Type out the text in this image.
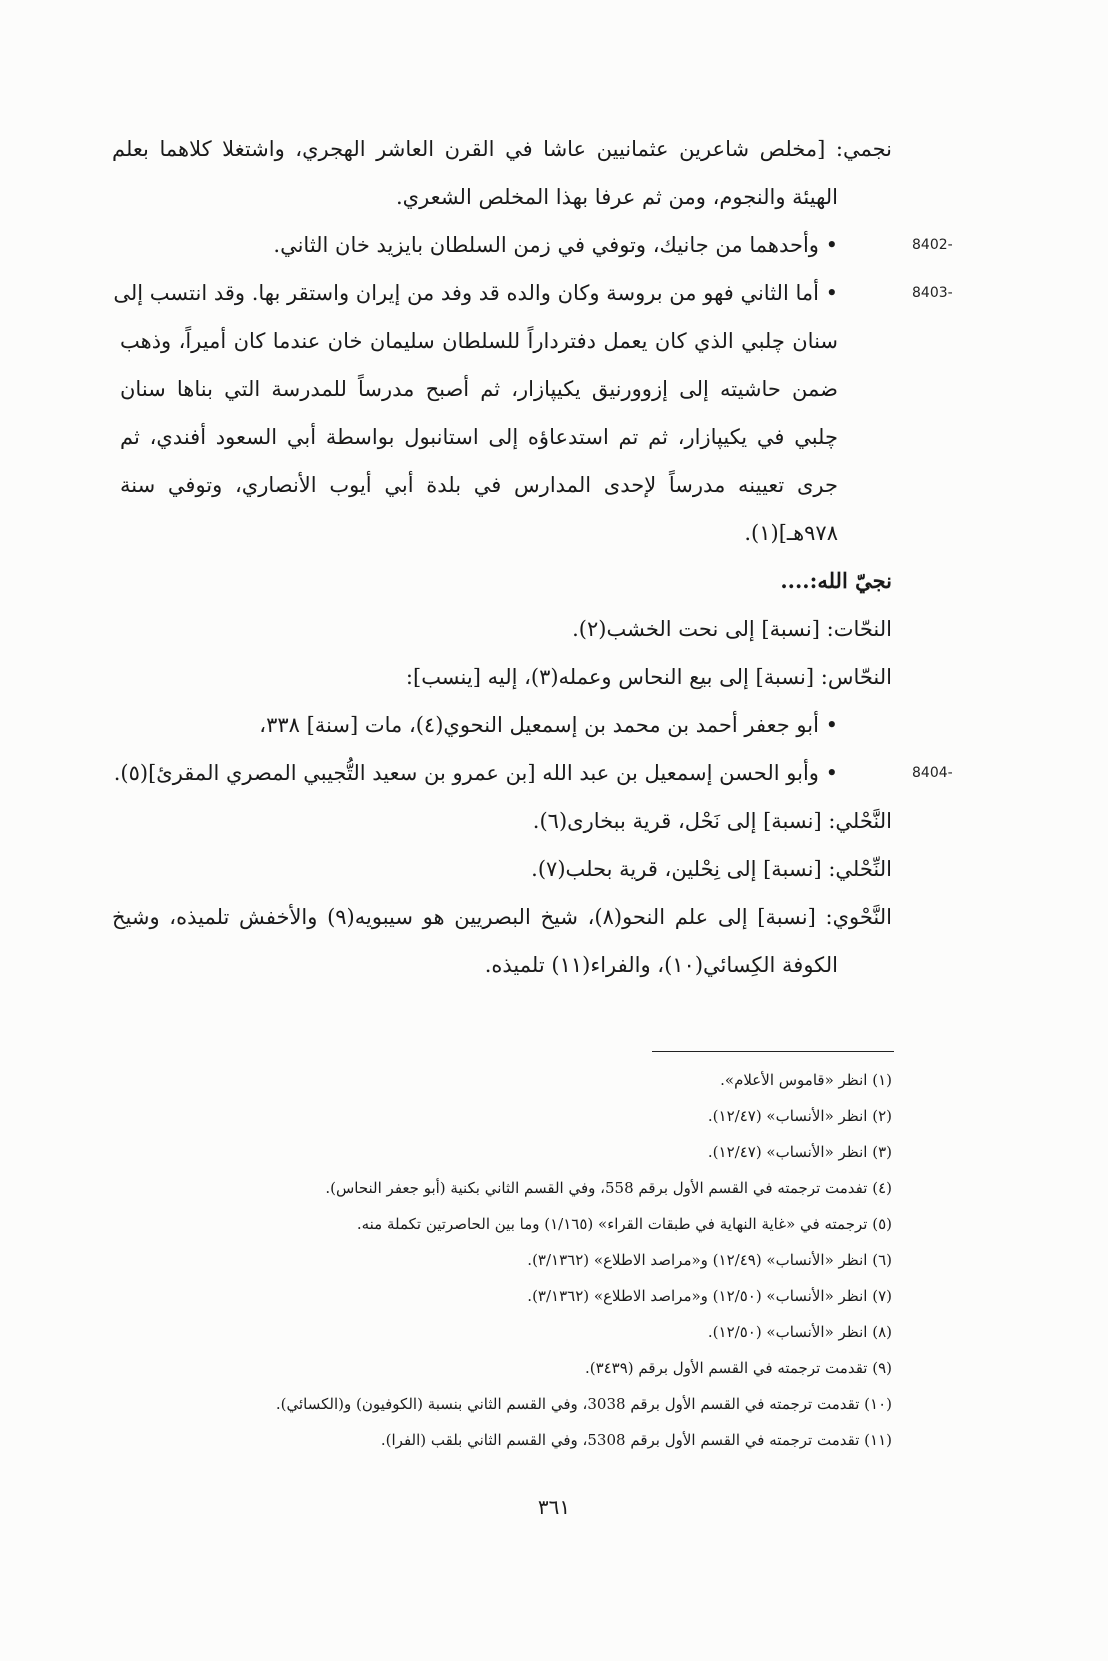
نجمي: [مخلص شاعرين عثمانيين عاشا في القرن العاشر الهجري، واشتغلا كلاهما بعلم
الهيئة والنجوم، ومن ثم عرفا بهذا المخلص الشعري.
8402-
• وأحدهما من جانيك، وتوفي في زمن السلطان بايزيد خان الثاني.
8403-
• أما الثاني فهو من بروسة وكان والده قد وفد من إيران واستقر بها. وقد انتسب إلى
سنان چلبي الذي كان يعمل دفترداراً للسلطان سليمان خان عندما كان أميراً، وذهب
ضمن حاشيته إلى إزوورنيق يكيپازار، ثم أصبح مدرساً للمدرسة التي بناها سنان
چلبي في يكيپازار، ثم تم استدعاؤه إلى استانبول بواسطة أبي السعود أفندي، ثم
جرى تعيينه مدرساً لإحدى المدارس في بلدة أبي أيوب الأنصاري، وتوفي سنة
٩٧٨هـ](١).
نجيّ الله:....
النحّات: [نسبة] إلى نحت الخشب(٢).
النحّاس: [نسبة] إلى بيع النحاس وعمله(٣)، إليه [ينسب]:
• أبو جعفر أحمد بن محمد بن إسمعيل النحوي(٤)، مات [سنة] ٣٣٨،
8404-
• وأبو الحسن إسمعيل بن عبد الله [بن عمرو بن سعيد التُّجيبي المصري المقرئ](٥).
النَّحْلي: [نسبة] إلى نَحْل، قرية ببخارى(٦).
النِّحْلي: [نسبة] إلى نِحْلين، قرية بحلب(٧).
النَّحْوي: [نسبة] إلى علم النحو(٨)، شيخ البصريين هو سيبويه(٩) والأخفش تلميذه، وشيخ
الكوفة الكِسائي(١٠)، والفراء(١١) تلميذه.
(١) انظر «قاموس الأعلام».
(٢) انظر «الأنساب» (١٢/٤٧).
(٣) انظر «الأنساب» (١٢/٤٧).
(٤) تفدمت ترجمته في القسم الأول برقم 558، وفي القسم الثاني بكنية (أبو جعفر النحاس).
(٥) ترجمته في «غاية النهاية في طبقات القراء» (١/١٦٥) وما بين الحاصرتين تكملة منه.
(٦) انظر «الأنساب» (١٢/٤٩) و«مراصد الاطلاع» (٣/١٣٦٢).
(٧) انظر «الأنساب» (١٢/٥٠) و«مراصد الاطلاع» (٣/١٣٦٢).
(٨) انظر «الأنساب» (١٢/٥٠).
(٩) تقدمت ترجمته في القسم الأول برقم (٣٤٣٩).
(١٠) تقدمت ترجمته في القسم الأول برقم 3038، وفي القسم الثاني بنسبة (الكوفيون) و(الكسائي).
(١١) تقدمت ترجمته في القسم الأول برقم 5308، وفي القسم الثاني بلقب (الفرا).
٣٦١
